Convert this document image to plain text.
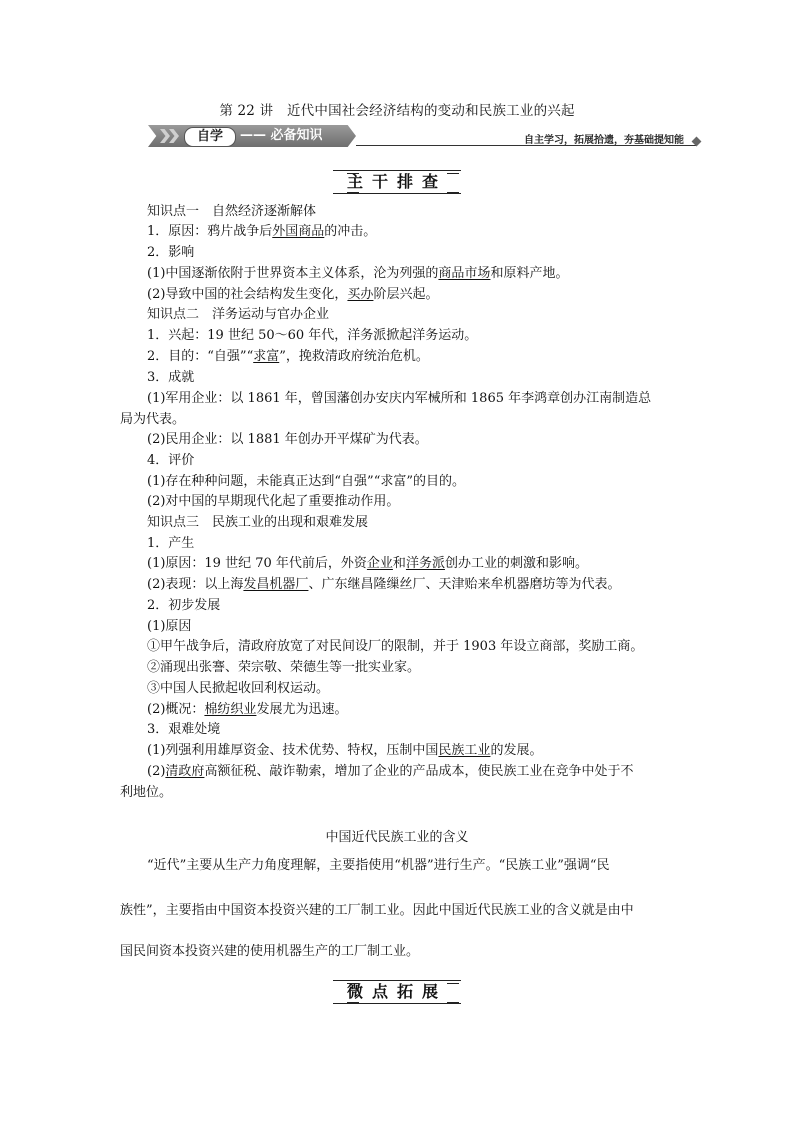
第 22 讲　近代中国社会经济结构的变动和民族工业的兴起
自学	—— 必备知识	自主学习，拓展拾遗，夯基础提知能
主干排查
知识点一　自然经济逐渐解体
1．原因：鸦片战争后外国商品的冲击。
2．影响
(1)中国逐渐依附于世界资本主义体系，沦为列强的商品市场和原料产地。
(2)导致中国的社会结构发生变化，买办阶层兴起。
知识点二　洋务运动与官办企业
1．兴起：19 世纪 50～60 年代，洋务派掀起洋务运动。
2．目的：“自强”“求富”，挽救清政府统治危机。
3．成就
(1)军用企业：以 1861 年，曾国藩创办安庆内军械所和 1865 年李鸿章创办江南制造总
局为代表。
(2)民用企业：以 1881 年创办开平煤矿为代表。
4．评价
(1)存在种种问题，未能真正达到“自强”“求富”的目的。
(2)对中国的早期现代化起了重要推动作用。
知识点三　民族工业的出现和艰难发展
1．产生
(1)原因：19 世纪 70 年代前后，外资企业和洋务派创办工业的刺激和影响。
(2)表现：以上海发昌机器厂、广东继昌隆缫丝厂、天津贻来牟机器磨坊等为代表。
2．初步发展
(1)原因
①甲午战争后，清政府放宽了对民间设厂的限制，并于 1903 年设立商部，奖励工商。
②涌现出张謇、荣宗敬、荣德生等一批实业家。
③中国人民掀起收回利权运动。
(2)概况：棉纺织业发展尤为迅速。
3．艰难处境
(1)列强利用雄厚资金、技术优势、特权，压制中国民族工业的发展。
(2)清政府高额征税、敲诈勒索，增加了企业的产品成本，使民族工业在竞争中处于不
利地位。
中国近代民族工业的含义
“近代”主要从生产力角度理解，主要指使用“机器”进行生产。“民族工业”强调“民
族性”，主要指由中国资本投资兴建的工厂制工业。因此中国近代民族工业的含义就是由中
国民间资本投资兴建的使用机器生产的工厂制工业。
微点拓展
